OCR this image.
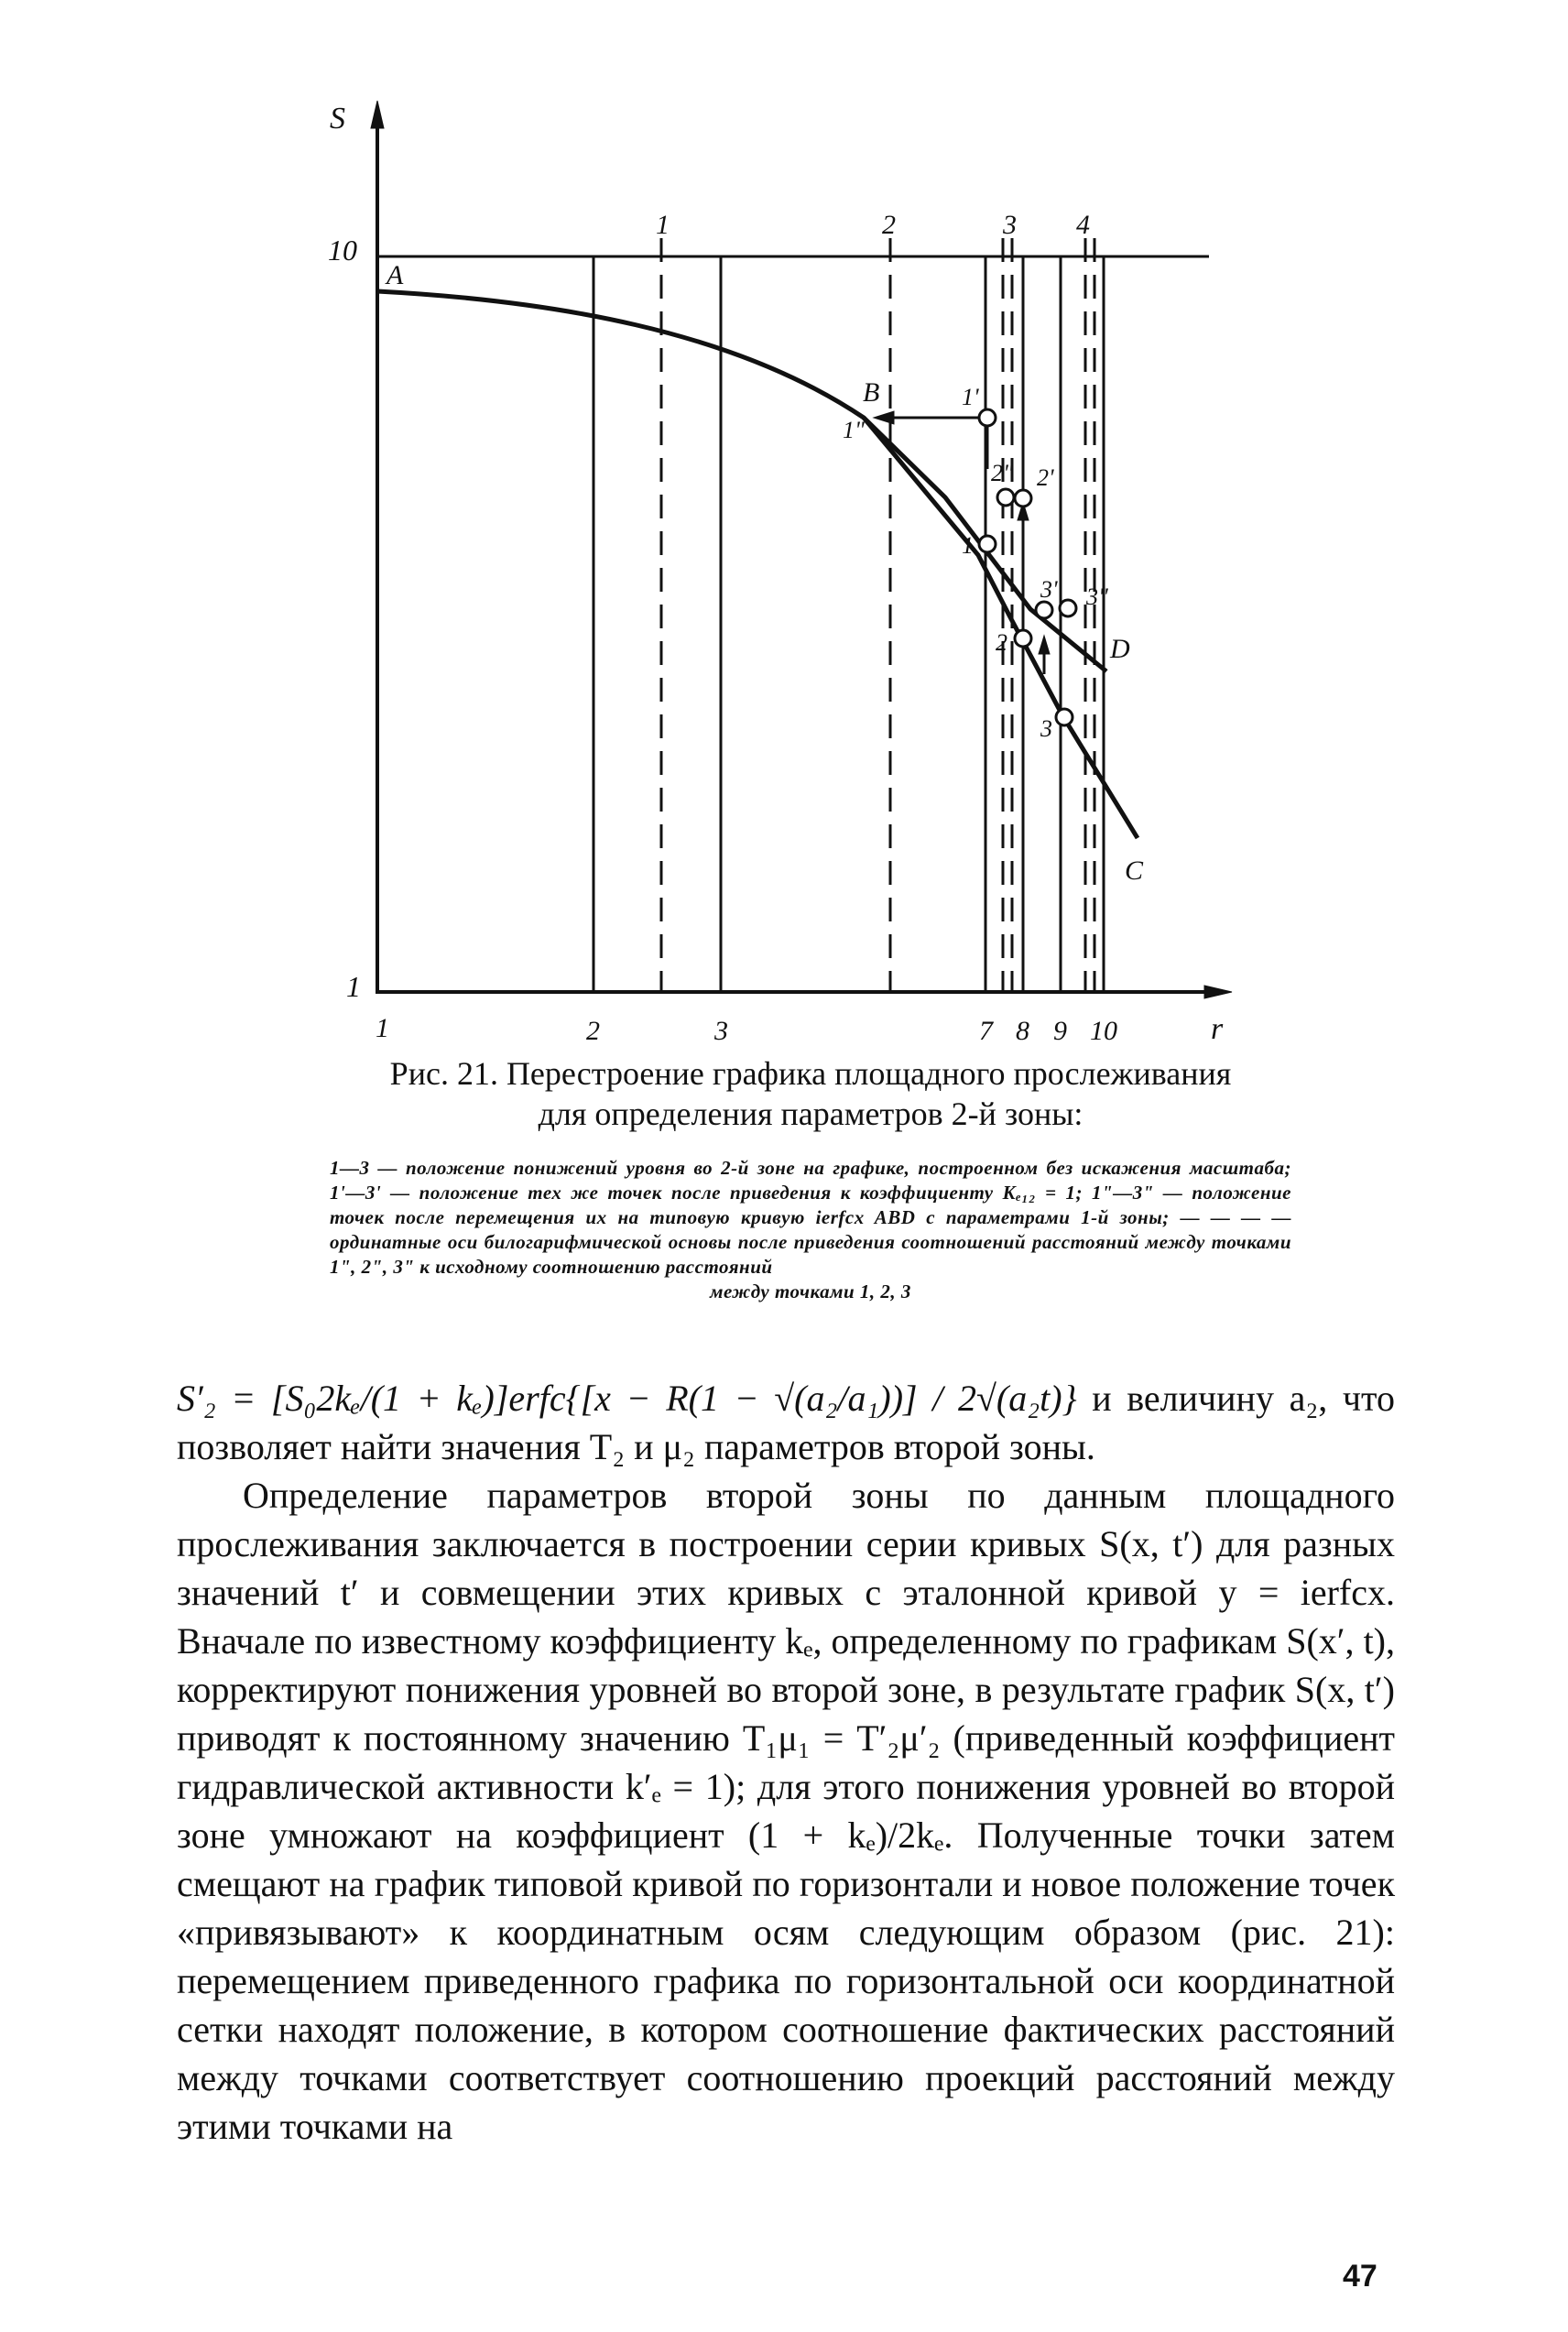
S
10
1
r
1	2	3	7 8 9 10
1	2	3 4
A
B
C
D
1"
1'
2" 2'
1
3' 3"
2
3
Рис. 21. Перестроение графика площадного прослеживания
для определения параметров 2-й зоны:
1—3 — положение понижений уровня во 2-й зоне на графике, построенном без искажения масштаба; 1'—3' — положение тех же точек после приведения к коэффициенту Kₑ₁₂ = 1; 1"—3" — положение точек после перемещения их на типовую кривую ierfcx ABD с параметрами 1-й зоны; — — — — ординатные оси билогарифмической основы после приведения соотношений расстояний между точками 1", 2", 3" к исходному соотношению расстояний
между точками 1, 2, 3

S′₂ = [S₀2kₑ/(1 + kₑ)]erfc{[x − R(1 − √(a₂/a₁))] / 2√(a₂t)} и величину a₂, что позволяет найти значения T₂ и μ₂ параметров второй зоны.

Определение параметров второй зоны по данным площадного прослеживания заключается в построении серии кривых S(x, t′) для разных значений t′ и совмещении этих кривых с эталонной кривой y = ierfcx. Вначале по известному коэффициенту kₑ, определенному по графикам S(x′, t), корректируют понижения уровней во второй зоне, в результате график S(x, t′) приводят к постоянному значению T₁μ₁ = T′₂μ′₂ (приведенный коэффициент гидравлической активности k′ₑ = 1); для этого понижения уровней во второй зоне умножают на коэффициент (1 + kₑ)/2kₑ. Полученные точки затем смещают на график типовой кривой по горизонтали и новое положение точек «привязывают» к координатным осям следующим образом (рис. 21): перемещением приведенного графика по горизонтальной оси координатной сетки находят положение, в котором соотношение фактических расстояний между точками соответствует соотношению проекций расстояний между этими точками на

47
